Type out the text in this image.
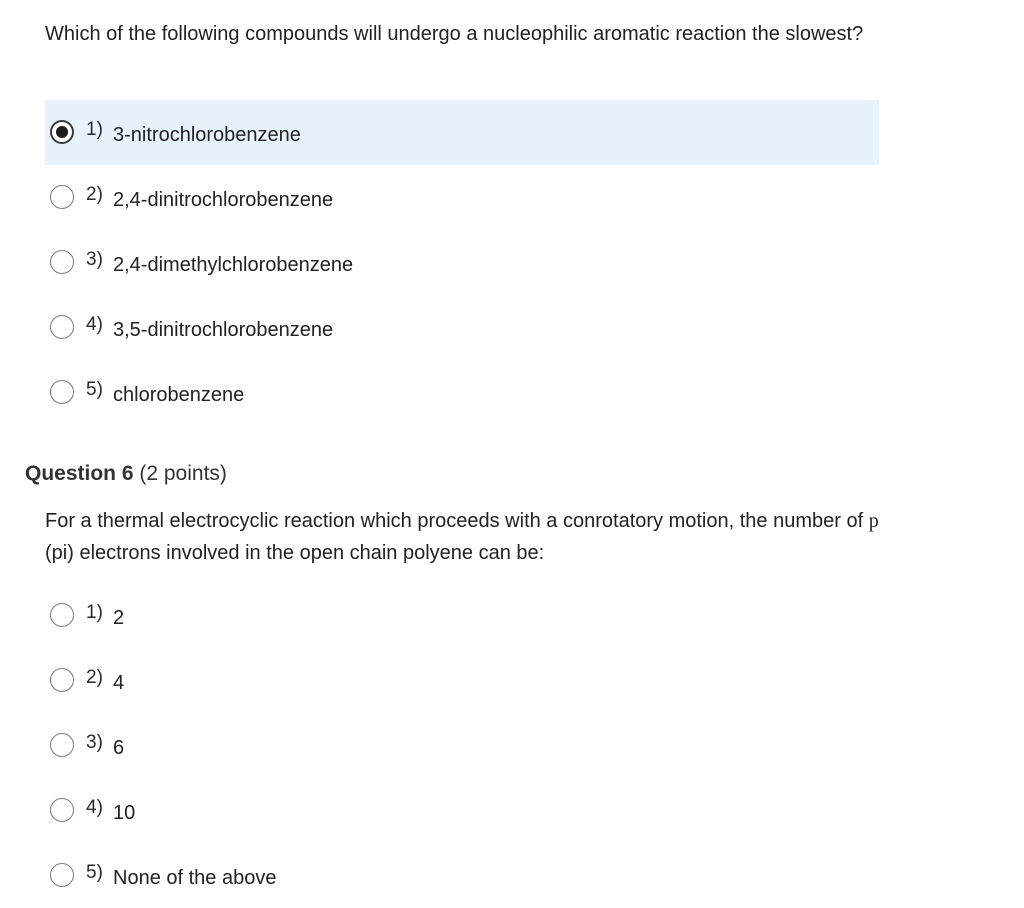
Which of the following compounds will undergo a nucleophilic aromatic reaction the slowest?
1) 3-nitrochlorobenzene
2) 2,4-dinitrochlorobenzene
3) 2,4-dimethylchlorobenzene
4) 3,5-dinitrochlorobenzene
5) chlorobenzene
Question 6 (2 points)
For a thermal electrocyclic reaction which proceeds with a conrotatory motion, the number of p (pi) electrons involved in the open chain polyene can be:
1) 2
2) 4
3) 6
4) 10
5) None of the above
